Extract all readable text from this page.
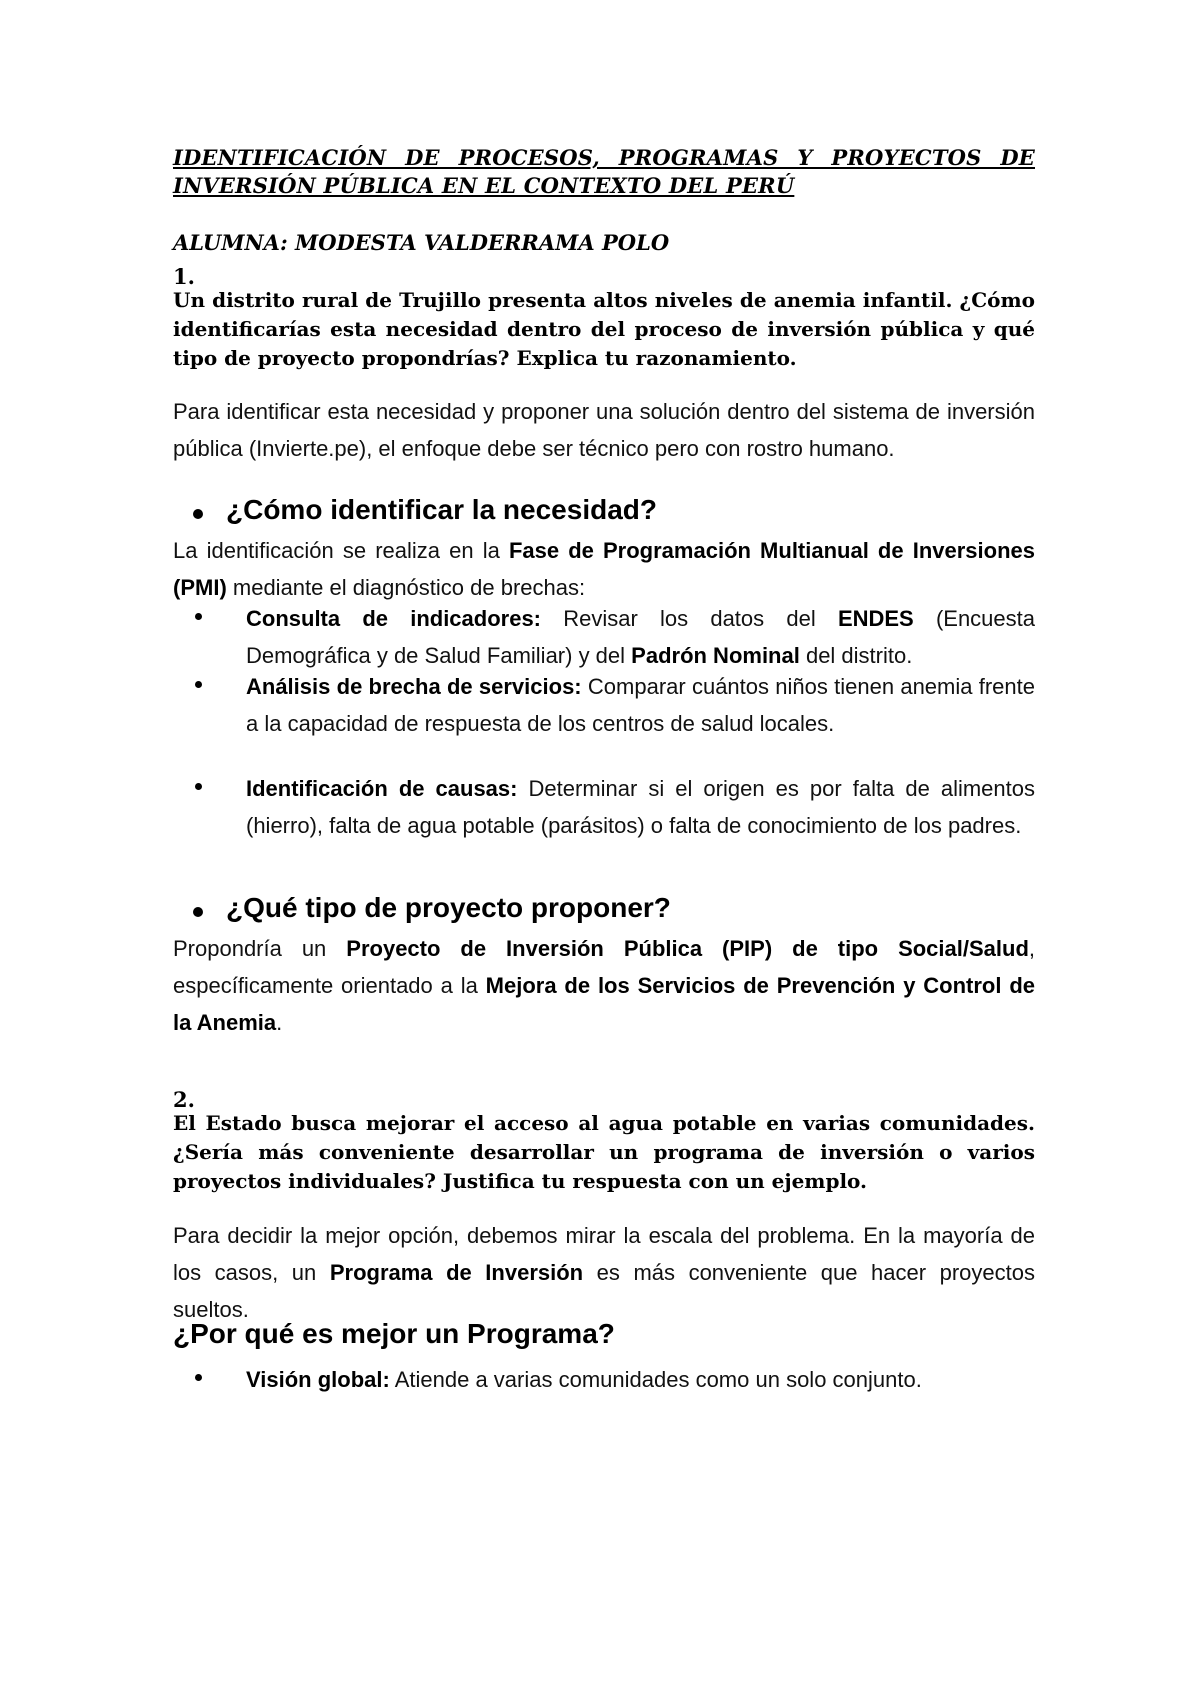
IDENTIFICACIÓN DE PROCESOS, PROGRAMAS Y PROYECTOS DE INVERSIÓN PÚBLICA EN EL CONTEXTO DEL PERÚ
ALUMNA: MODESTA VALDERRAMA POLO
1.
Un distrito rural de Trujillo presenta altos niveles de anemia infantil. ¿Cómo identificarías esta necesidad dentro del proceso de inversión pública y qué tipo de proyecto propondrías? Explica tu razonamiento.
Para identificar esta necesidad y proponer una solución dentro del sistema de inversión pública (Invierte.pe), el enfoque debe ser técnico pero con rostro humano.
¿Cómo identificar la necesidad?
La identificación se realiza en la Fase de Programación Multianual de Inversiones (PMI) mediante el diagnóstico de brechas:
Consulta de indicadores: Revisar los datos del ENDES (Encuesta Demográfica y de Salud Familiar) y del Padrón Nominal del distrito.
Análisis de brecha de servicios: Comparar cuántos niños tienen anemia frente a la capacidad de respuesta de los centros de salud locales.
Identificación de causas: Determinar si el origen es por falta de alimentos (hierro), falta de agua potable (parásitos) o falta de conocimiento de los padres.
¿Qué tipo de proyecto proponer?
Propondría un Proyecto de Inversión Pública (PIP) de tipo Social/Salud, específicamente orientado a la Mejora de los Servicios de Prevención y Control de la Anemia.
2.
El Estado busca mejorar el acceso al agua potable en varias comunidades. ¿Sería más conveniente desarrollar un programa de inversión o varios proyectos individuales? Justifica tu respuesta con un ejemplo.
Para decidir la mejor opción, debemos mirar la escala del problema. En la mayoría de los casos, un Programa de Inversión es más conveniente que hacer proyectos sueltos.
¿Por qué es mejor un Programa?
Visión global: Atiende a varias comunidades como un solo conjunto.
